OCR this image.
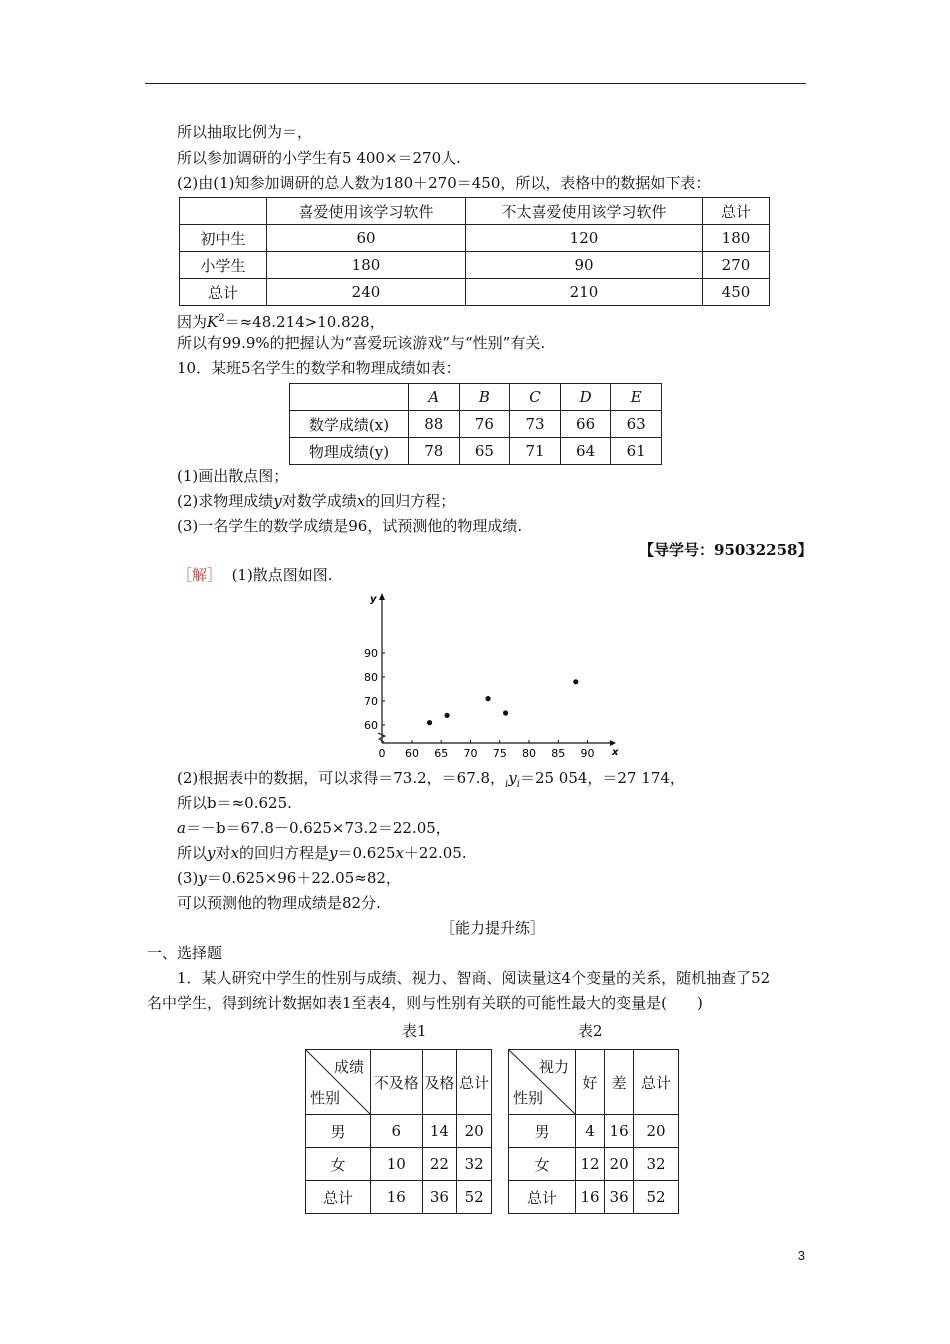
所以抽取比例为＝，
所以参加调研的小学生有5 400×＝270人.
(2)由(1)知参加调研的总人数为180＋270＝450，所以，表格中的数据如下表：
	喜爱使用该学习软件	不太喜爱使用该学习软件	总计
初中生	60	120	180
小学生	180	90	270
总计	240	210	450
因为$K^2=\approx 48.214>10.828$，
所以有99.9%的把握认为“喜爱玩该游戏”与“性别”有关.
10．某班5名学生的数学和物理成绩如表：
	A	B	C	D	E
数学成绩(x)	88	76	73	66	63
物理成绩(y)	78	65	71	64	61
(1)画出散点图；
(2)求物理成绩y对数学成绩x的回归方程；
(3)一名学生的数学成绩是96，试预测他的物理成绩.
【导学号：95032258】
［解］ (1)散点图如图.
x
y
0 60 65 70 75 80 85 90
60
70
80
90
(2)根据表中的数据，可以求得＝73.2，＝67.8，$_iy_i=25$ 054，＝27 174，
所以b＝≈0.625.
a＝－b＝67.8－0.625×73.2＝22.05，
所以y对x的回归方程是y＝0.625x＋22.05.
(3)y＝0.625×96＋22.05≈82，
可以预测他的物理成绩是82分.
［能力提升练］
一、选择题
1．某人研究中学生的性别与成绩、视力、智商、阅读量这4个变量的关系，随机抽查了52
名中学生，得到统计数据如表1至表4，则与性别有关联的可能性最大的变量是(　　)
表1	表2
成绩
性别	不及格	及格	总计
男	6	14	20
女	10	22	32
总计	16	36	52
视力
性别	好	差	总计
男	4	16	20
女	12	20	32
总计	16	36	52
3
